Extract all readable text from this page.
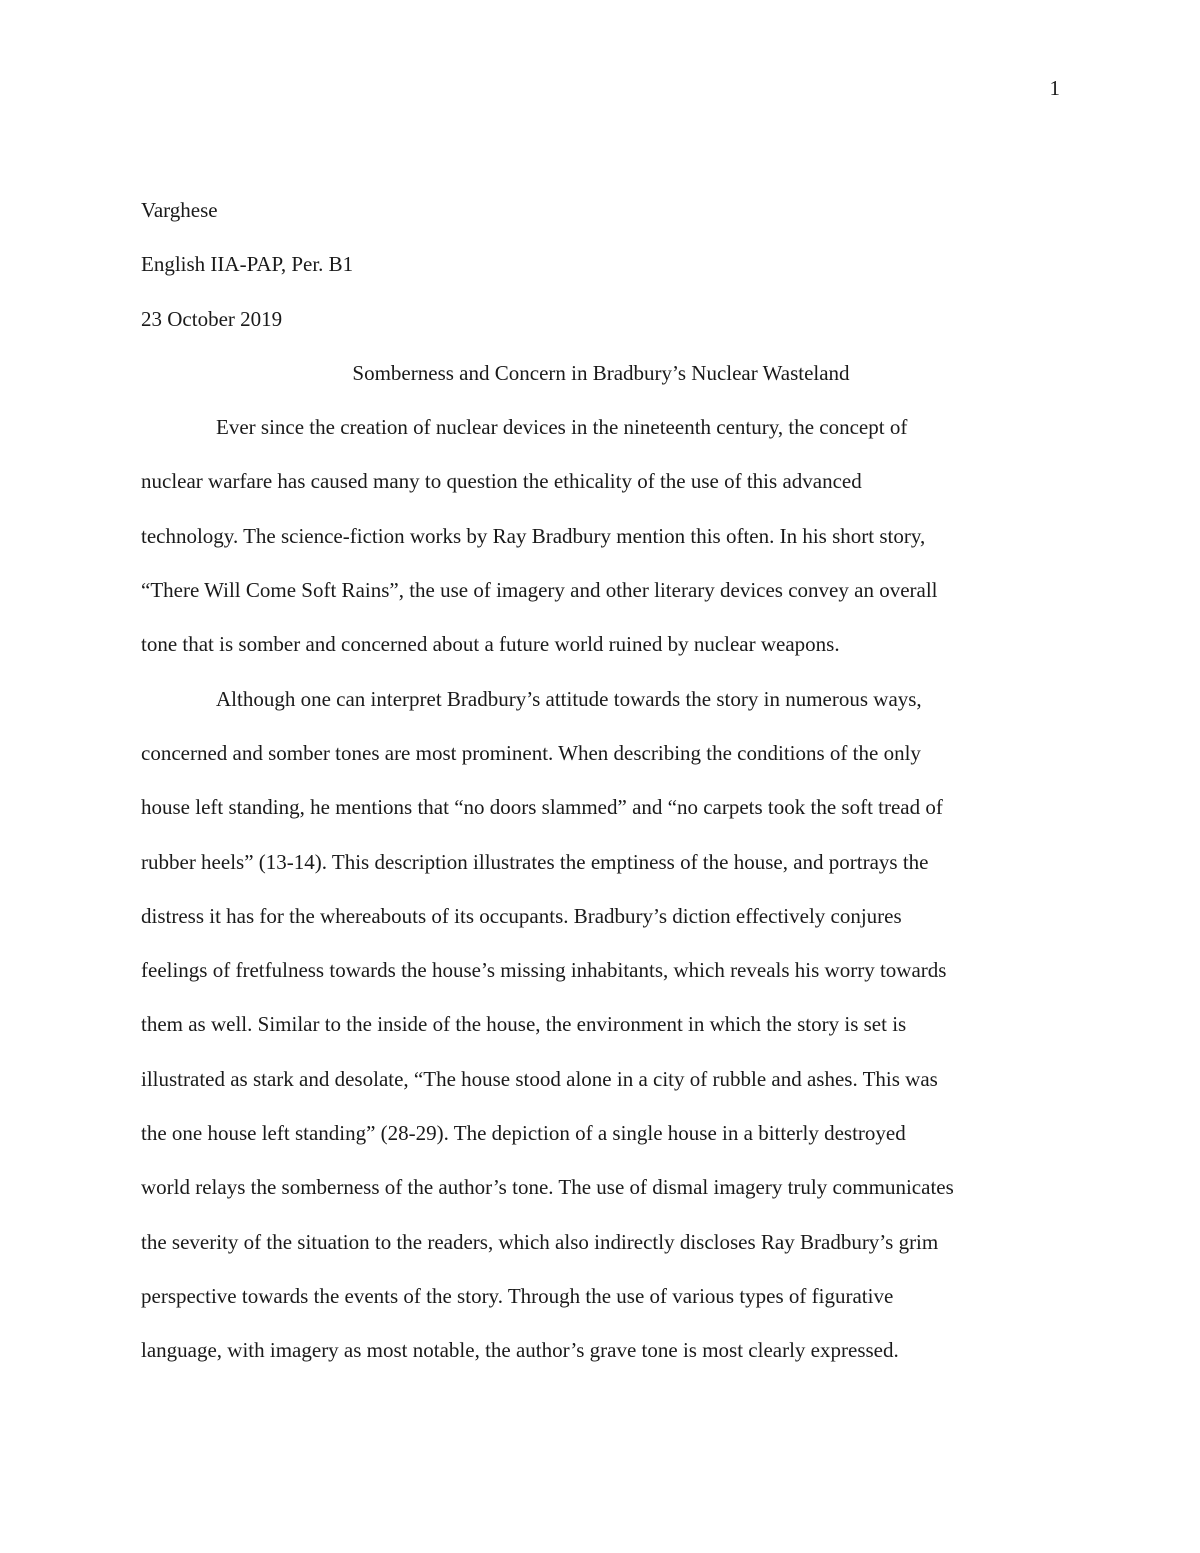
1

Varghese

English IIA-PAP, Per. B1

23 October 2019

Somberness and Concern in Bradbury’s Nuclear Wasteland

Ever since the creation of nuclear devices in the nineteenth century, the concept of

nuclear warfare has caused many to question the ethicality of the use of this advanced

technology. The science-fiction works by Ray Bradbury mention this often. In his short story,

“There Will Come Soft Rains”, the use of imagery and other literary devices convey an overall

tone that is somber and concerned about a future world ruined by nuclear weapons.

Although one can interpret Bradbury’s attitude towards the story in numerous ways,

concerned and somber tones are most prominent. When describing the conditions of the only

house left standing, he mentions that “no doors slammed” and “no carpets took the soft tread of

rubber heels” (13-14). This description illustrates the emptiness of the house, and portrays the

distress it has for the whereabouts of its occupants. Bradbury’s diction effectively conjures

feelings of fretfulness towards the house’s missing inhabitants, which reveals his worry towards

them as well. Similar to the inside of the house, the environment in which the story is set is

illustrated as stark and desolate, “The house stood alone in a city of rubble and ashes. This was

the one house left standing” (28-29). The depiction of a single house in a bitterly destroyed

world relays the somberness of the author’s tone. The use of dismal imagery truly communicates

the severity of the situation to the readers, which also indirectly discloses Ray Bradbury’s grim

perspective towards the events of the story. Through the use of various types of figurative

language, with imagery as most notable, the author’s grave tone is most clearly expressed.
